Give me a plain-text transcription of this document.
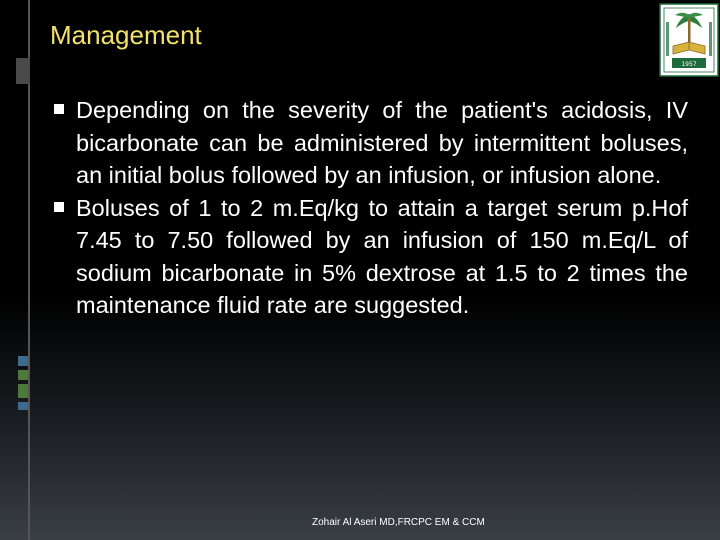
Management
1957
Depending on the severity of the patient's acidosis, IV bicarbonate can be administered by intermittent boluses, an initial bolus followed by an infusion, or infusion alone.
Boluses of 1 to 2 m.Eq/kg to attain a target serum p.Hof 7.45 to 7.50 followed by an infusion of 150 m.Eq/L of sodium bicarbonate in 5% dextrose at 1.5 to 2 times the maintenance fluid rate are suggested.
Zohair Al Aseri MD,FRCPC EM & CCM
